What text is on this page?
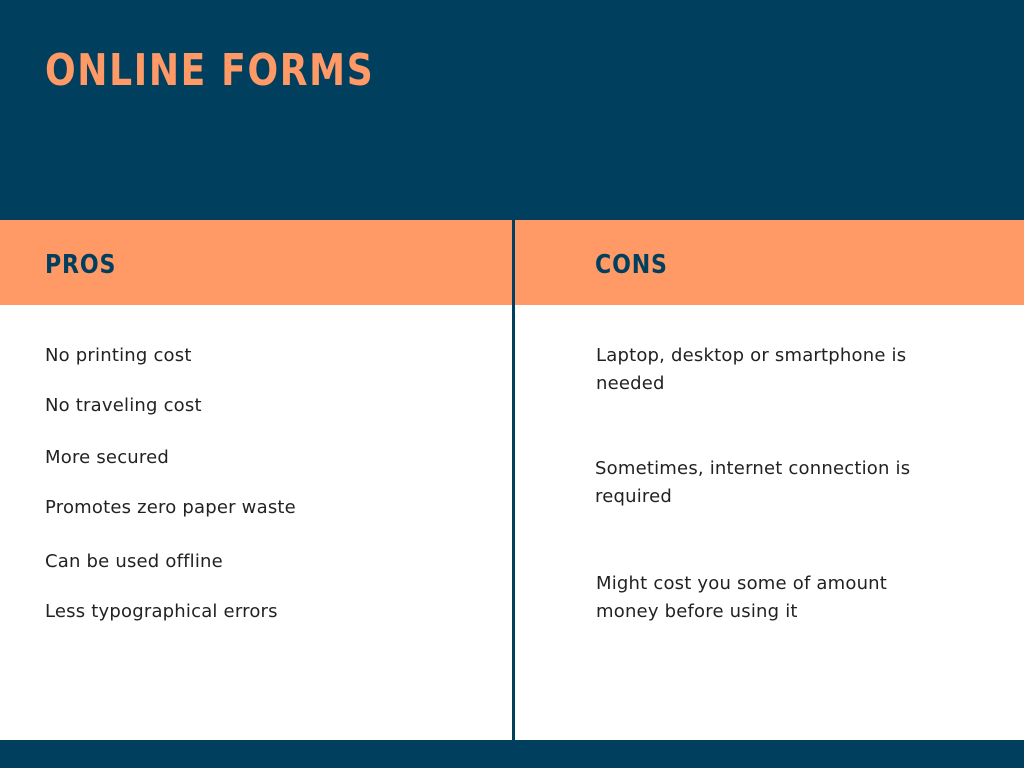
ONLINE FORMS
PROS	CONS

No printing cost

No traveling cost

More secured

Promotes zero paper waste

Can be used offline

Less typographical errors

Laptop, desktop or smartphone is needed

Sometimes, internet connection is required

Might cost you some of amount money before using it
